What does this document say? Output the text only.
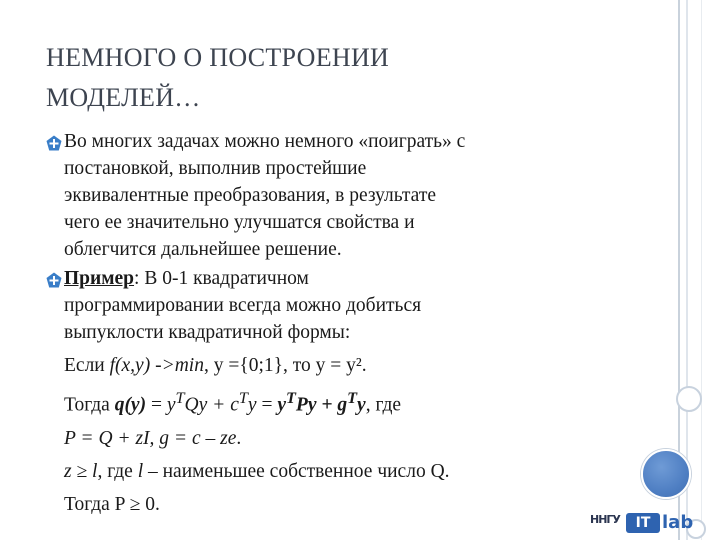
НЕМНОГО О ПОСТРОЕНИИ
МОДЕЛЕЙ…
Во многих задачах можно немного «поиграть» с
постановкой, выполнив простейшие
эквивалентные преобразования, в результате
чего ее значительно улучшатся свойства и
облегчится дальнейшее решение.
Пример: В 0-1 квадратичном
программировании всегда можно добиться
выпуклости квадратичной формы:
Если f(x,y) ->min, y ={0;1}, то y = y².
Тогда $q(y) = y^TQy + c^Ty = y^TPy + g^Ty$, где
P = Q + zI, g = c – ze.
z ≥ l, где l – наименьшее собственное число Q.
Тогда P ≥ 0.
ННГУ	IT lab
